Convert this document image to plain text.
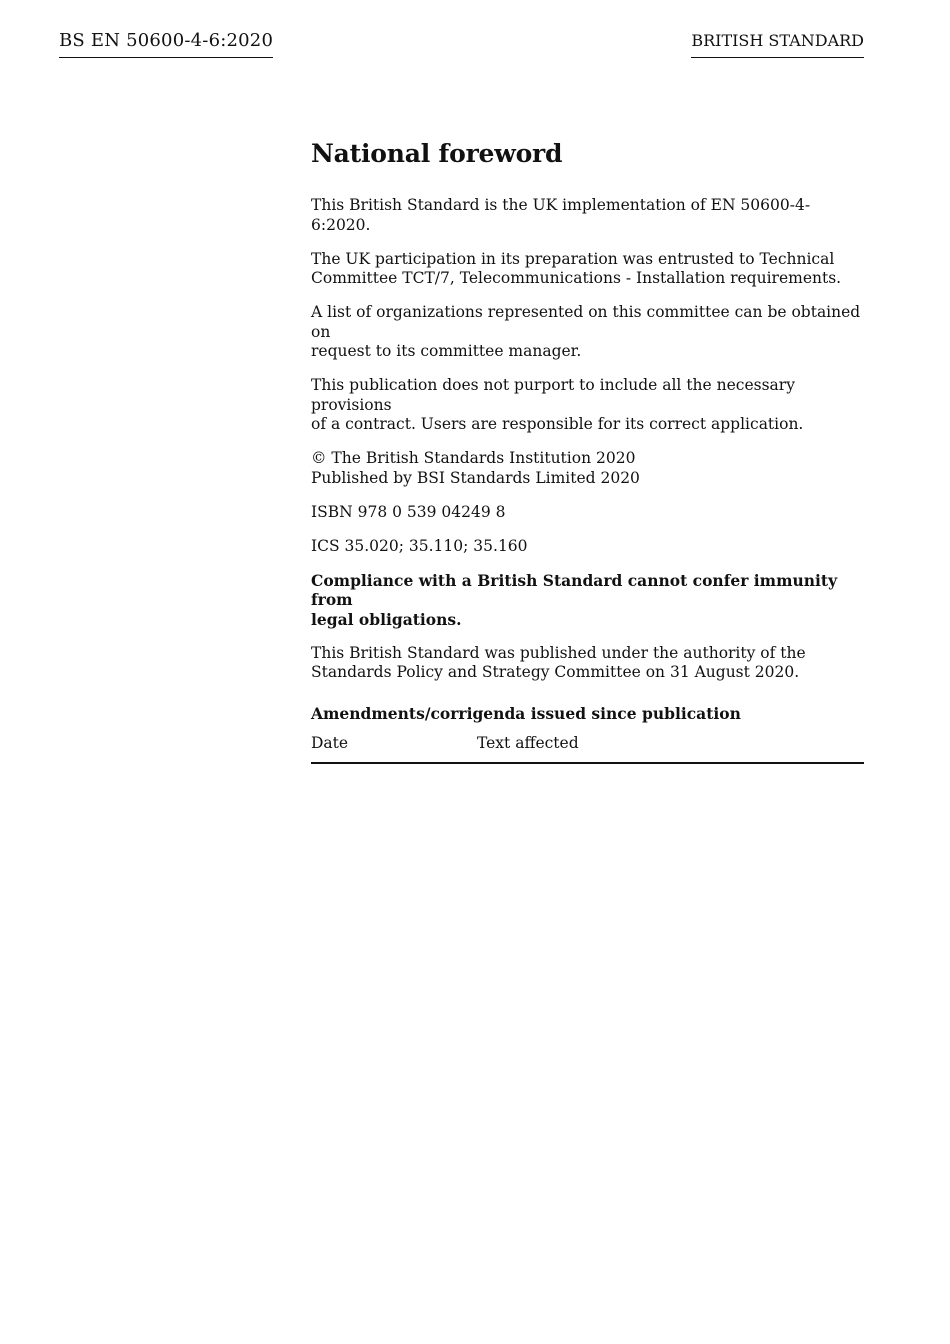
BS EN 50600-4-6:2020	BRITISH STANDARD
National foreword

This British Standard is the UK implementation of EN 50600-4-6:2020.

The UK participation in its preparation was entrusted to Technical
Committee TCT/7, Telecommunications - Installation requirements.

A list of organizations represented on this committee can be obtained on
request to its committee manager.

This publication does not purport to include all the necessary provisions
of a contract. Users are responsible for its correct application.

© The British Standards Institution 2020
Published by BSI Standards Limited 2020

ISBN 978 0 539 04249 8

ICS 35.020; 35.110; 35.160

Compliance with a British Standard cannot confer immunity from
legal obligations.

This British Standard was published under the authority of the
Standards Policy and Strategy Committee on 31 August 2020.

Amendments/corrigenda issued since publication
Date	Text affected
